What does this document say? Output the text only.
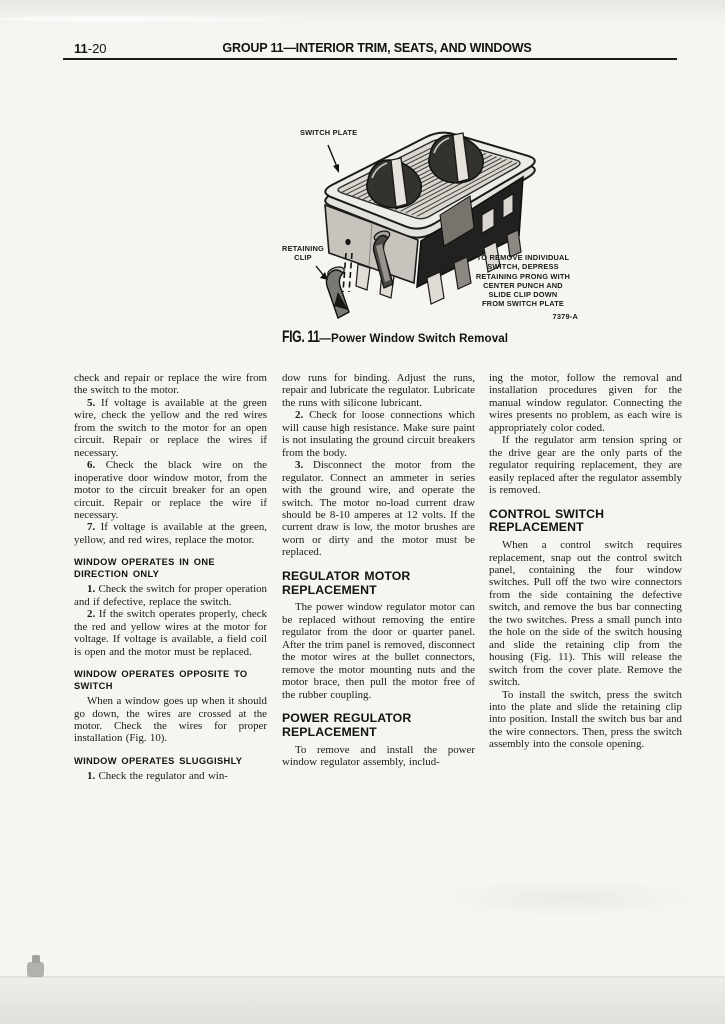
11-20	GROUP 11—INTERIOR TRIM, SEATS, AND WINDOWS
SWITCH PLATE
RETAINING CLIP	TO REMOVE INDIVIDUAL
SWITCH, DEPRESS
RETAINING PRONG WITH
CENTER PUNCH AND
SLIDE CLIP DOWN
FROM SWITCH PLATE
7379-A
FIG. 11—Power Window Switch Removal

check and repair or replace the wire from the switch to the motor.

5. If voltage is available at the green wire, check the yellow and the red wires from the switch to the motor for an open circuit. Repair or replace the wires if necessary.

6. Check the black wire on the inoperative door window motor, from the motor to the circuit breaker for an open circuit. Repair or replace the wire if necessary.

7. If voltage is available at the green, yellow, and red wires, replace the motor.

WINDOW OPERATES IN ONE DIRECTION ONLY

1. Check the switch for proper operation and if defective, replace the switch.

2. If the switch operates properly, check the red and yellow wires at the motor for voltage. If voltage is available, a field coil is open and the motor must be replaced.

WINDOW OPERATES OPPOSITE TO SWITCH

When a window goes up when it should go down, the wires are crossed at the motor. Check the wires for proper installation (Fig. 10).

WINDOW OPERATES SLUGGISHLY

1. Check the regulator and win-

dow runs for binding. Adjust the runs, repair and lubricate the regulator. Lubricate the runs with silicone lubricant.

2. Check for loose connections which will cause high resistance. Make sure paint is not insulating the ground circuit breakers from the body.

3. Disconnect the motor from the regulator. Connect an ammeter in series with the ground wire, and operate the switch. The motor no-load current draw should be 8-10 amperes at 12 volts. If the current draw is low, the motor brushes are worn or dirty and the motor must be replaced.

REGULATOR MOTOR REPLACEMENT

The power window regulator motor can be replaced without removing the entire regulator from the door or quarter panel. After the trim panel is removed, disconnect the motor wires at the bullet connectors, remove the motor mounting nuts and the motor brace, then pull the motor free of the rubber coupling.

POWER REGULATOR REPLACEMENT

To remove and install the power window regulator assembly, includ-

ing the motor, follow the removal and installation procedures given for the manual window regulator. Connecting the wires presents no problem, as each wire is appropriately color coded.

If the regulator arm tension spring or the drive gear are the only parts of the regulator requiring replacement, they are easily replaced after the regulator assembly is removed.

CONTROL SWITCH REPLACEMENT

When a control switch requires replacement, snap out the control switch panel, containing the four window switches. Pull off the two wire connectors from the side containing the defective switch, and remove the bus bar connecting the two switches. Press a small punch into the hole on the side of the switch housing and slide the retaining clip from the housing (Fig. 11). This will release the switch from the cover plate. Remove the switch.

To install the switch, press the switch into the plate and slide the retaining clip into position. Install the switch bus bar and the wire connectors. Then, press the switch assembly into the console opening.
